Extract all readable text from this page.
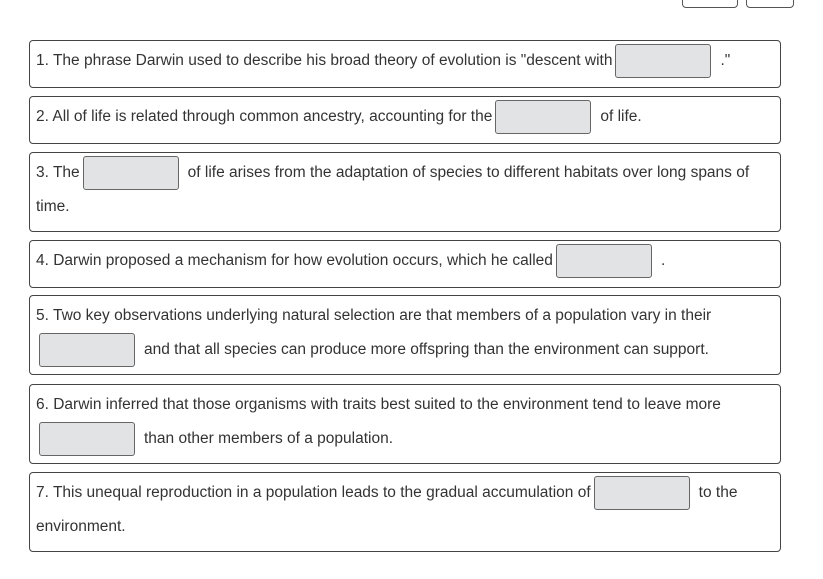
1. The phrase Darwin used to describe his broad theory of evolution is "descent with	."
2. All of life is related through common ancestry, accounting for the	of life.
3. The	of life arises from the adaptation of species to different habitats over long spans of time.
4. Darwin proposed a mechanism for how evolution occurs, which he called	.
5. Two key observations underlying natural selection are that members of a population vary in theirand that all species can produce more offspring than the environment can support.
6. Darwin inferred that those organisms with traits best suited to the environment tend to leave morethan other members of a population.
7. This unequal reproduction in a population leads to the gradual accumulation of	to the environment.
